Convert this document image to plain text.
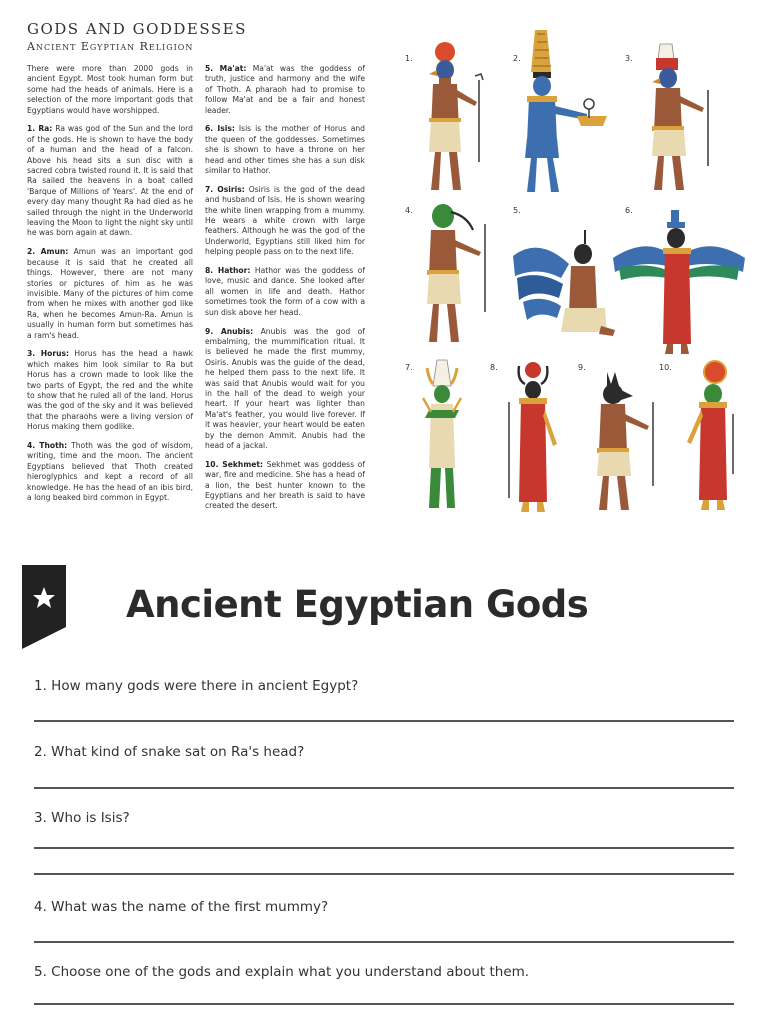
GODS AND GODDESSES
Ancient Egyptian Religion

There were more than 2000 gods in ancient Egypt. Most took human form but some had the heads of animals. Here is a selection of the more important gods that Egyptians would have worshipped.

1. Ra: Ra was god of the Sun and the lord of the gods. He is shown to have the body of a human and the head of a falcon. Above his head sits a sun disc with a sacred cobra twisted round it. It is said that Ra sailed the heavens in a boat called 'Barque of Millions of Years'. At the end of every day many thought Ra had died as he sailed through the night in the Underworld leaving the Moon to light the night sky until he was born again at dawn.

2. Amun: Amun was an important god because it is said that he created all things. However, there are not many stories or pictures of him as he was invisible. Many of the pictures of him come from when he mixes with another god like Ra, when he becomes Amun-Ra. Amun is usually in human form but sometimes has a ram's head.

3. Horus: Horus has the head a hawk which makes him look similar to Ra but Horus has a crown made to look like the two parts of Egypt, the red and the white to show that he ruled all of the land. Horus was the god of the sky and it was believed that the pharaohs were a living version of Horus making them godlike.

4. Thoth: Thoth was the god of wisdom, writing, time and the moon. The ancient Egyptians believed that Thoth created hieroglyphics and kept a record of all knowledge. He has the head of an ibis bird, a long beaked bird common in Egypt.

5. Ma'at: Ma'at was the goddess of truth, justice and harmony and the wife of Thoth. A pharaoh had to promise to follow Ma'at and be a fair and honest leader.

6. Isis: Isis is the mother of Horus and the queen of the goddesses. Sometimes she is shown to have a throne on her head and other times she has a sun disk similar to Hathor.

7. Osiris: Osiris is the god of the dead and husband of Isis. He is shown wearing the white linen wrapping from a mummy. He wears a white crown with large feathers. Although he was the god of the Underworld, Egyptians still liked him for helping people pass on to the next life.

8. Hathor: Hathor was the goddess of love, music and dance. She looked after all women in life and death. Hathor sometimes took the form of a cow with a sun disk above her head.

9. Anubis: Anubis was the god of embalming, the mummification ritual. It is believed he made the first mummy, Osiris. Anubis was the guide of the dead, he helped them pass to the next life. It was said that Anubis would wait for you in the hall of the dead to weigh your heart. If your heart was lighter than Ma'at's feather, you would live forever. If it was heavier, your heart would be eaten by the demon Ammit. Anubis had the head of a jackal.

10. Sekhmet: Sekhmet was goddess of war, fire and medicine. She has a head of a lion, the best hunter known to the Egyptians and her breath is said to have created the desert.

1.	2.	3.
4.	5.	6.
7.	8.	9.	10.
Ancient Egyptian Gods
1. How many gods were there in ancient Egypt?
2. What kind of snake sat on Ra's head?
3. Who is Isis?
4. What was the name of the first mummy?
5. Choose one of the gods and explain what you understand about them.
